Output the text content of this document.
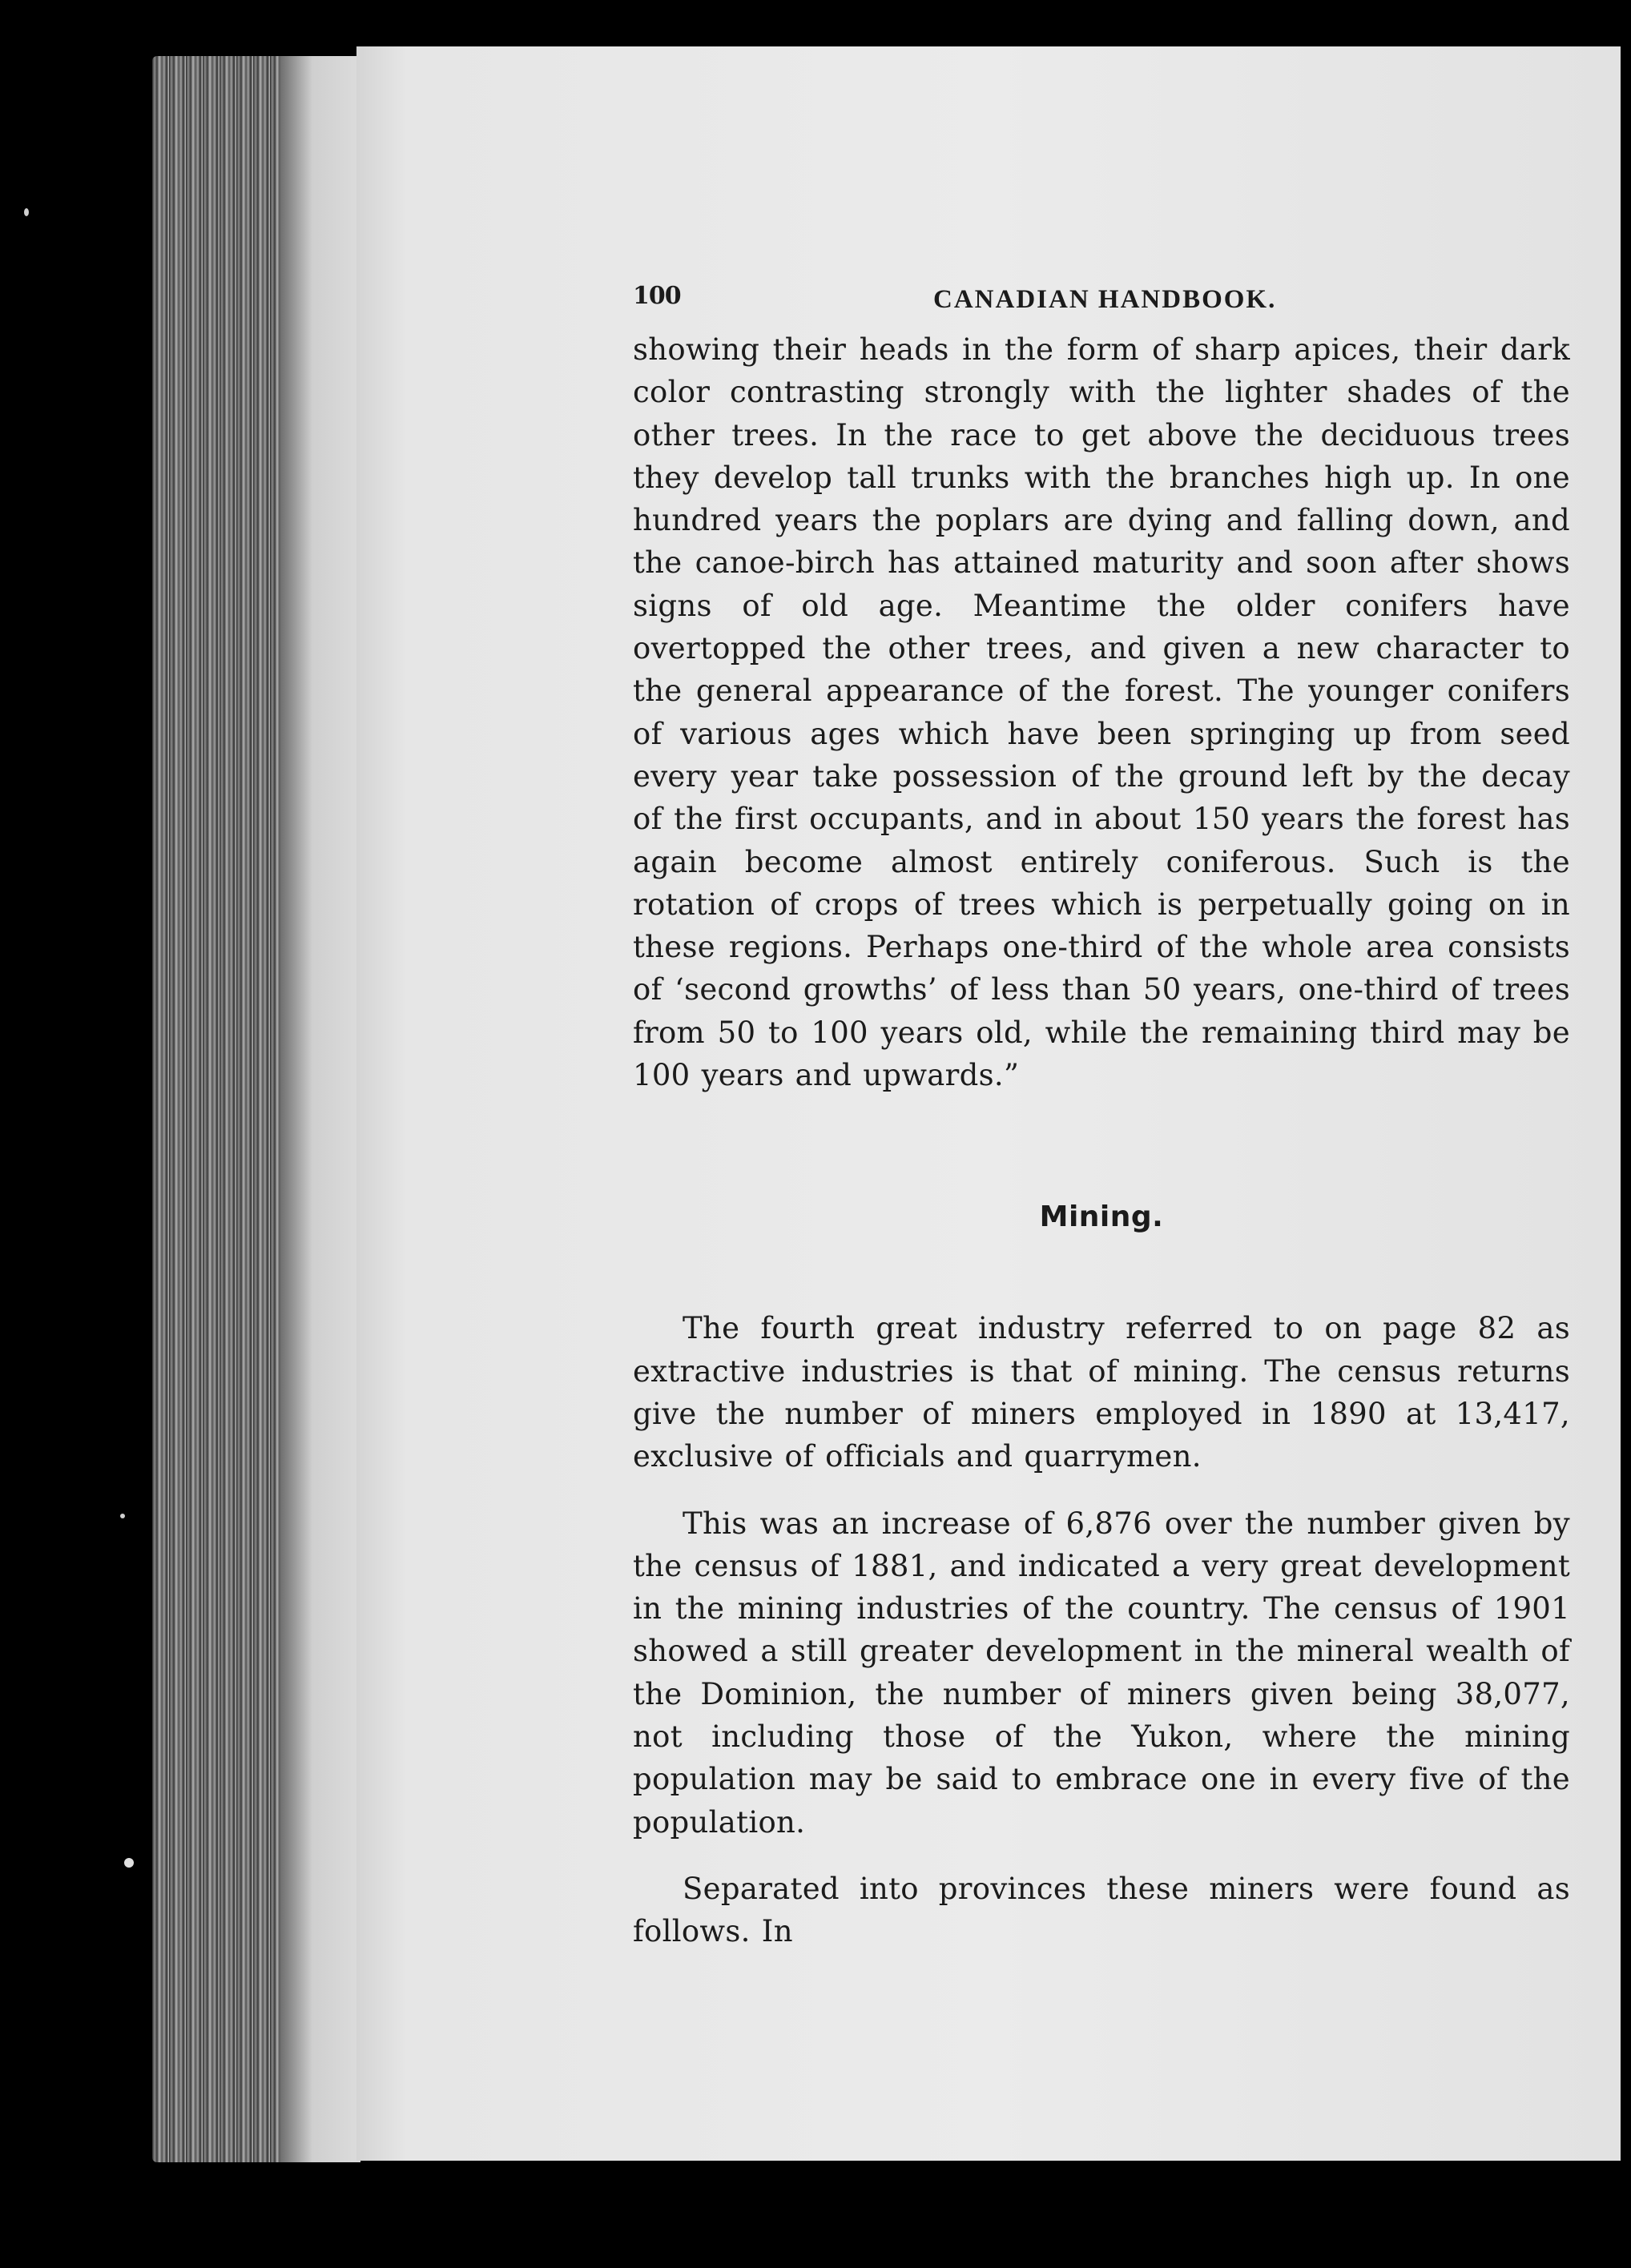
100	CANADIAN HANDBOOK.

showing their heads in the form of sharp apices, their dark color contrasting strongly with the lighter shades of the other trees. In the race to get above the deciduous trees they develop tall trunks with the branches high up. In one hundred years the poplars are dying and falling down, and the canoe-birch has attained maturity and soon after shows signs of old age. Meantime the older conifers have overtopped the other trees, and given a new character to the general appearance of the forest. The younger conifers of various ages which have been springing up from seed every year take possession of the ground left by the decay of the first occupants, and in about 150 years the forest has again become almost entirely coniferous. Such is the rotation of crops of trees which is perpetually going on in these regions. Perhaps one-third of the whole area consists of ‘second growths’ of less than 50 years, one-third of trees from 50 to 100 years old, while the remaining third may be 100 years and upwards.”

Mining.

The fourth great industry referred to on page 82 as extractive industries is that of mining. The census returns give the number of miners employed in 1890 at 13,417, exclusive of officials and quarrymen.

This was an increase of 6,876 over the number given by the census of 1881, and indicated a very great development in the mining industries of the country. The census of 1901 showed a still greater development in the mineral wealth of the Dominion, the number of miners given being 38,077, not including those of the Yukon, where the mining population may be said to embrace one in every five of the population.

Separated into provinces these miners were found as follows. In
